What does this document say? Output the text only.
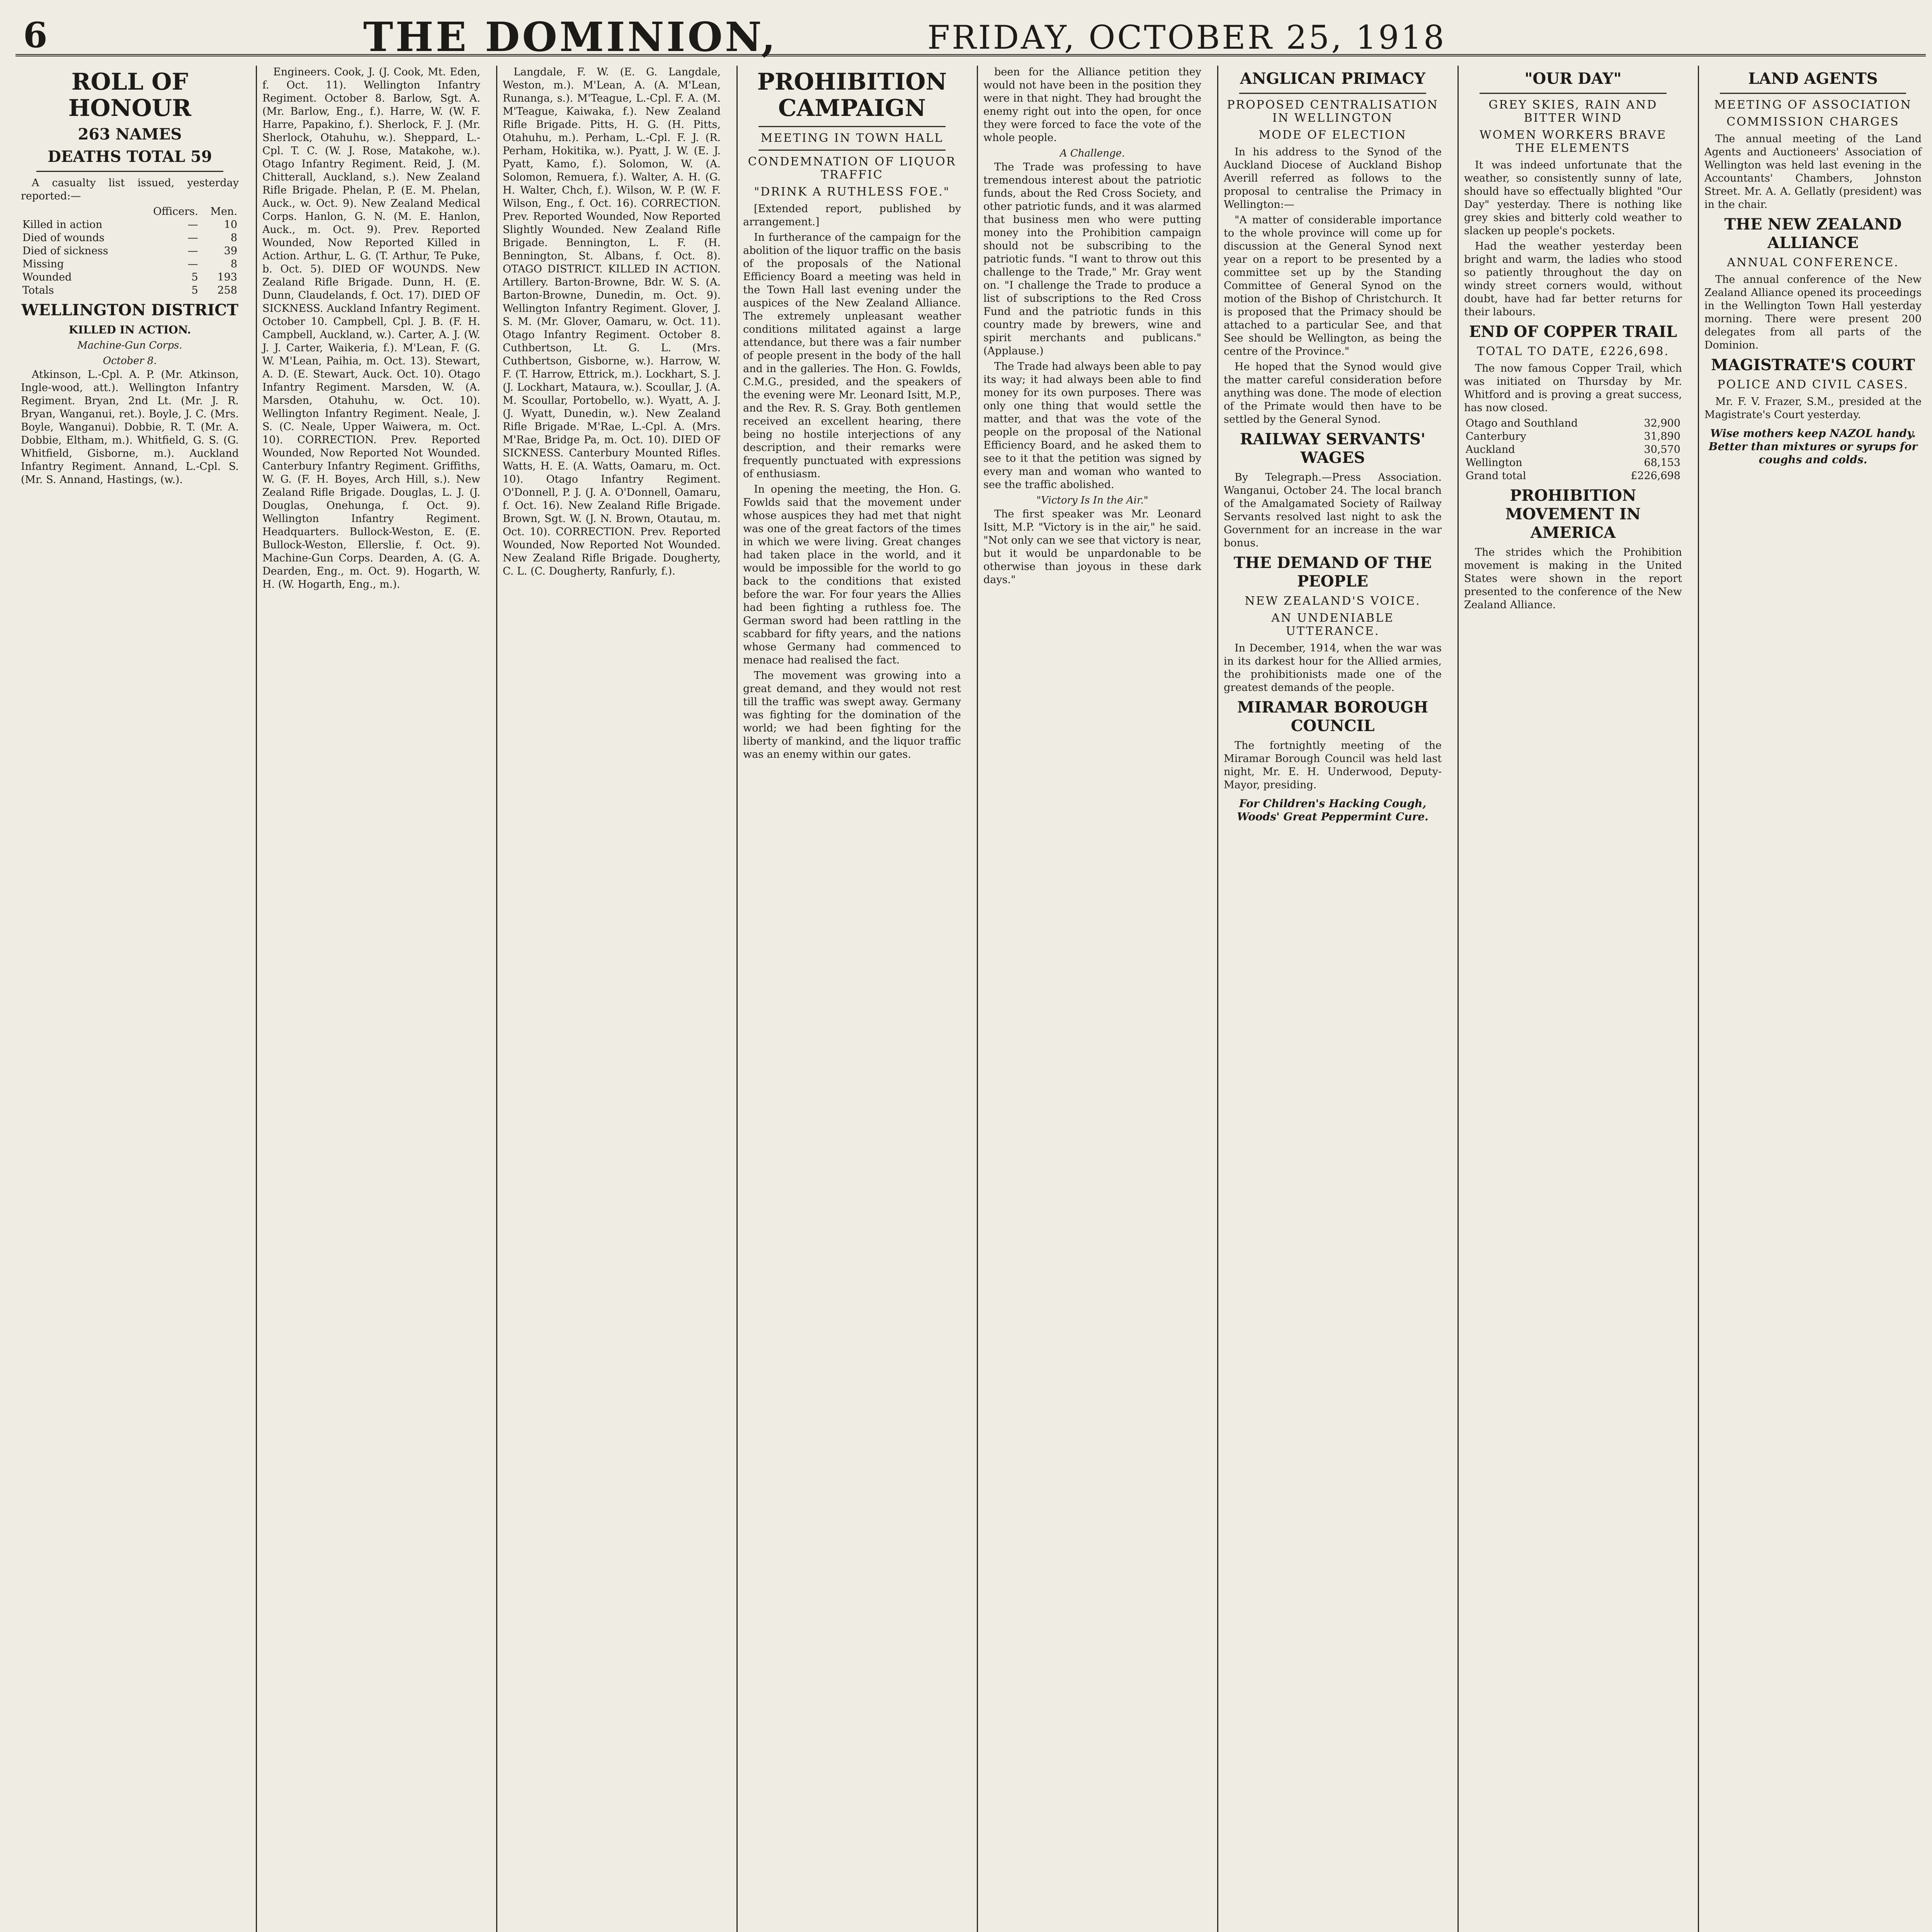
6	THE DOMINION,	FRIDAY, OCTOBER 25, 1918
ROLL OF HONOUR
263 NAMES
DEATHS TOTAL 59

A casualty list issued, yesterday reported:—

	Officers.	Men.
Killed in action	—	10
Died of wounds	—	8
Died of sickness	—	39
Missing	—	8
Wounded	5	193
Totals	5	258
WELLINGTON DISTRICT
KILLED IN ACTION.
Machine-Gun Corps.
October 8.

Atkinson, L.-Cpl. A. P. (Mr. Atkinson, Ingle-wood, att.). Wellington Infantry Regiment. Bryan, 2nd Lt. (Mr. J. R. Bryan, Wanganui, ret.). Boyle, J. C. (Mrs. Boyle, Wanganui). Dobbie, R. T. (Mr. A. Dobbie, Eltham, m.). Whitfield, G. S. (G. Whitfield, Gisborne, m.). Auckland Infantry Regiment. Annand, L.-Cpl. S. (Mr. S. Annand, Hastings, (w.).

Engineers. Cook, J. (J. Cook, Mt. Eden, f. Oct. 11). Wellington Infantry Regiment. October 8. Barlow, Sgt. A. (Mr. Barlow, Eng., f.). Harre, W. (W. F. Harre, Papakino, f.). Sherlock, F. J. (Mr. Sherlock, Otahuhu, w.). Sheppard, L.-Cpl. T. C. (W. J. Rose, Matakohe, w.). Otago Infantry Regiment. Reid, J. (M. Chitterall, Auckland, s.). New Zealand Rifle Brigade. Phelan, P. (E. M. Phelan, Auck., w. Oct. 9). New Zealand Medical Corps. Hanlon, G. N. (M. E. Hanlon, Auck., m. Oct. 9). Prev. Reported Wounded, Now Reported Killed in Action. Arthur, L. G. (T. Arthur, Te Puke, b. Oct. 5). DIED OF WOUNDS. New Zealand Rifle Brigade. Dunn, H. (E. Dunn, Claudelands, f. Oct. 17). DIED OF SICKNESS. Auckland Infantry Regiment. October 10. Campbell, Cpl. J. B. (F. H. Campbell, Auckland, w.). Carter, A. J. (W. J. J. Carter, Waikeria, f.). M'Lean, F. (G. W. M'Lean, Paihia, m. Oct. 13). Stewart, A. D. (E. Stewart, Auck. Oct. 10). Otago Infantry Regiment. Marsden, W. (A. Marsden, Otahuhu, w. Oct. 10). Wellington Infantry Regiment. Neale, J. S. (C. Neale, Upper Waiwera, m. Oct. 10). CORRECTION. Prev. Reported Wounded, Now Reported Not Wounded. Canterbury Infantry Regiment. Griffiths, W. G. (F. H. Boyes, Arch Hill, s.). New Zealand Rifle Brigade. Douglas, L. J. (J. Douglas, Onehunga, f. Oct. 9). Wellington Infantry Regiment. Headquarters. Bullock-Weston, E. (E. Bullock-Weston, Ellerslie, f. Oct. 9). Machine-Gun Corps. Dearden, A. (G. A. Dearden, Eng., m. Oct. 9). Hogarth, W. H. (W. Hogarth, Eng., m.).

Langdale, F. W. (E. G. Langdale, Weston, m.). M'Lean, A. (A. M'Lean, Runanga, s.). M'Teague, L.-Cpl. F. A. (M. M'Teague, Kaiwaka, f.). New Zealand Rifle Brigade. Pitts, H. G. (H. Pitts, Otahuhu, m.). Perham, L.-Cpl. F. J. (R. Perham, Hokitika, w.). Pyatt, J. W. (E. J. Pyatt, Kamo, f.). Solomon, W. (A. Solomon, Remuera, f.). Walter, A. H. (G. H. Walter, Chch, f.). Wilson, W. P. (W. F. Wilson, Eng., f. Oct. 16). CORRECTION. Prev. Reported Wounded, Now Reported Slightly Wounded. New Zealand Rifle Brigade. Bennington, L. F. (H. Bennington, St. Albans, f. Oct. 8). OTAGO DISTRICT. KILLED IN ACTION. Artillery. Barton-Browne, Bdr. W. S. (A. Barton-Browne, Dunedin, m. Oct. 9). Wellington Infantry Regiment. Glover, J. S. M. (Mr. Glover, Oamaru, w. Oct. 11). Otago Infantry Regiment. October 8. Cuthbertson, Lt. G. L. (Mrs. Cuthbertson, Gisborne, w.). Harrow, W. F. (T. Harrow, Ettrick, m.). Lockhart, S. J. (J. Lockhart, Mataura, w.). Scoullar, J. (A. M. Scoullar, Portobello, w.). Wyatt, A. J. (J. Wyatt, Dunedin, w.). New Zealand Rifle Brigade. M'Rae, L.-Cpl. A. (Mrs. M'Rae, Bridge Pa, m. Oct. 10). DIED OF SICKNESS. Canterbury Mounted Rifles. Watts, H. E. (A. Watts, Oamaru, m. Oct. 10). Otago Infantry Regiment. O'Donnell, P. J. (J. A. O'Donnell, Oamaru, f. Oct. 16). New Zealand Rifle Brigade. Brown, Sgt. W. (J. N. Brown, Otautau, m. Oct. 10). CORRECTION. Prev. Reported Wounded, Now Reported Not Wounded. New Zealand Rifle Brigade. Dougherty, C. L. (C. Dougherty, Ranfurly, f.).

PROHIBITION CAMPAIGN
MEETING IN TOWN HALL
CONDEMNATION OF LIQUOR TRAFFIC
"DRINK A RUTHLESS FOE."

[Extended report, published by arrangement.]

In furtherance of the campaign for the abolition of the liquor traffic on the basis of the proposals of the National Efficiency Board a meeting was held in the Town Hall last evening under the auspices of the New Zealand Alliance. The extremely unpleasant weather conditions militated against a large attendance, but there was a fair number of people present in the body of the hall and in the galleries. The Hon. G. Fowlds, C.M.G., presided, and the speakers of the evening were Mr. Leonard Isitt, M.P., and the Rev. R. S. Gray. Both gentlemen received an excellent hearing, there being no hostile interjections of any description, and their remarks were frequently punctuated with expressions of enthusiasm.

In opening the meeting, the Hon. G. Fowlds said that the movement under whose auspices they had met that night was one of the great factors of the times in which we were living. Great changes had taken place in the world, and it would be impossible for the world to go back to the conditions that existed before the war. For four years the Allies had been fighting a ruthless foe. The German sword had been rattling in the scabbard for fifty years, and the nations whose Germany had commenced to menace had realised the fact.

The movement was growing into a great demand, and they would not rest till the traffic was swept away. Germany was fighting for the domination of the world; we had been fighting for the liberty of mankind, and the liquor traffic was an enemy within our gates.

been for the Alliance petition they would not have been in the position they were in that night. They had brought the enemy right out into the open, for once they were forced to face the vote of the whole people.

A Challenge.

The Trade was professing to have tremendous interest about the patriotic funds, about the Red Cross Society, and other patriotic funds, and it was alarmed that business men who were putting money into the Prohibition campaign should not be subscribing to the patriotic funds. "I want to throw out this challenge to the Trade," Mr. Gray went on. "I challenge the Trade to produce a list of subscriptions to the Red Cross Fund and the patriotic funds in this country made by brewers, wine and spirit merchants and publicans." (Applause.)

The Trade had always been able to pay its way; it had always been able to find money for its own purposes. There was only one thing that would settle the matter, and that was the vote of the people on the proposal of the National Efficiency Board, and he asked them to see to it that the petition was signed by every man and woman who wanted to see the traffic abolished.

"Victory Is In the Air."

The first speaker was Mr. Leonard Isitt, M.P. "Victory is in the air," he said. "Not only can we see that victory is near, but it would be unpardonable to be otherwise than joyous in these dark days."

ANGLICAN PRIMACY
PROPOSED CENTRALISATION IN WELLINGTON
MODE OF ELECTION

In his address to the Synod of the Auckland Diocese of Auckland Bishop Averill referred as follows to the proposal to centralise the Primacy in Wellington:—

"A matter of considerable importance to the whole province will come up for discussion at the General Synod next year on a report to be presented by a committee set up by the Standing Committee of General Synod on the motion of the Bishop of Christchurch. It is proposed that the Primacy should be attached to a particular See, and that See should be Wellington, as being the centre of the Province."

He hoped that the Synod would give the matter careful consideration before anything was done. The mode of election of the Primate would then have to be settled by the General Synod.

RAILWAY SERVANTS' WAGES

By Telegraph.—Press Association. Wanganui, October 24. The local branch of the Amalgamated Society of Railway Servants resolved last night to ask the Government for an increase in the war bonus.

THE DEMAND OF THE PEOPLE
NEW ZEALAND'S VOICE.
AN UNDENIABLE UTTERANCE.

In December, 1914, when the war was in its darkest hour for the Allied armies, the prohibitionists made one of the greatest demands of the people.

MIRAMAR BOROUGH COUNCIL

The fortnightly meeting of the Miramar Borough Council was held last night, Mr. E. H. Underwood, Deputy-Mayor, presiding.

For Children's Hacking Cough, Woods' Great Peppermint Cure.
"OUR DAY"
GREY SKIES, RAIN AND BITTER WIND
WOMEN WORKERS BRAVE THE ELEMENTS

It was indeed unfortunate that the weather, so consistently sunny of late, should have so effectually blighted "Our Day" yesterday. There is nothing like grey skies and bitterly cold weather to slacken up people's pockets.

Had the weather yesterday been bright and warm, the ladies who stood so patiently throughout the day on windy street corners would, without doubt, have had far better returns for their labours.

END OF COPPER TRAIL
TOTAL TO DATE, £226,698.

The now famous Copper Trail, which was initiated on Thursday by Mr. Whitford and is proving a great success, has now closed.

Otago and Southland	32,900
Canterbury	31,890
Auckland	30,570
Wellington	68,153
Grand total	£226,698
PROHIBITION MOVEMENT IN AMERICA

The strides which the Prohibition movement is making in the United States were shown in the report presented to the conference of the New Zealand Alliance.

LAND AGENTS
MEETING OF ASSOCIATION
COMMISSION CHARGES

The annual meeting of the Land Agents and Auctioneers' Association of Wellington was held last evening in the Accountants' Chambers, Johnston Street. Mr. A. A. Gellatly (president) was in the chair.

THE NEW ZEALAND ALLIANCE
ANNUAL CONFERENCE.

The annual conference of the New Zealand Alliance opened its proceedings in the Wellington Town Hall yesterday morning. There were present 200 delegates from all parts of the Dominion.

MAGISTRATE'S COURT
POLICE AND CIVIL CASES.

Mr. F. V. Frazer, S.M., presided at the Magistrate's Court yesterday.

Wise mothers keep NAZOL handy. Better than mixtures or syrups for coughs and colds.
